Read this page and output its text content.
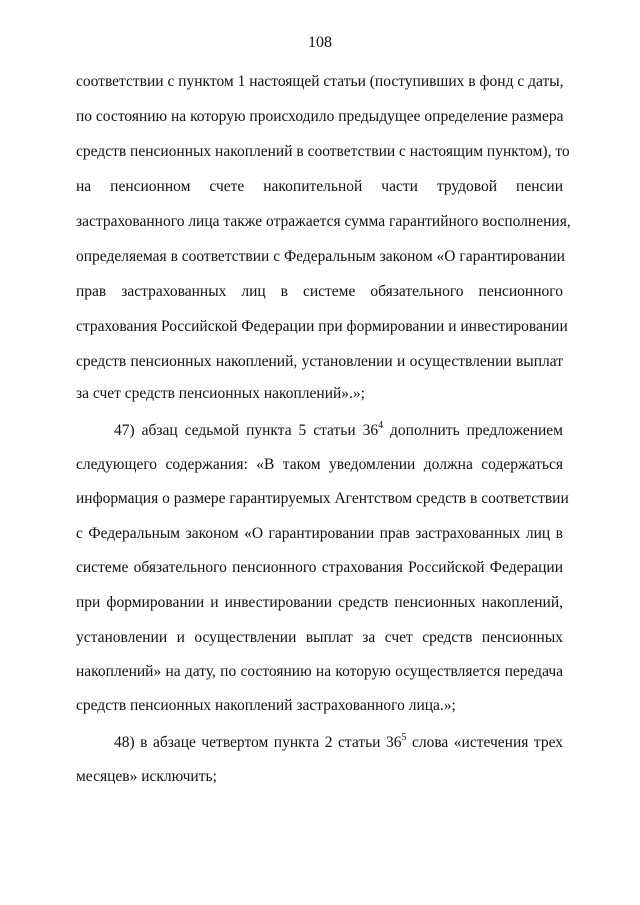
108
соответствии с пунктом 1 настоящей статьи (поступивших в фонд с даты,
по состоянию на которую происходило предыдущее определение размера
средств пенсионных накоплений в соответствии с настоящим пунктом), то
на пенсионном счете накопительной части трудовой пенсии
застрахованного лица также отражается сумма гарантийного восполнения,
определяемая в соответствии с Федеральным законом «О гарантировании
прав застрахованных лиц в системе обязательного пенсионного
страхования Российской Федерации при формировании и инвестировании
средств пенсионных накоплений, установлении и осуществлении выплат
за счет средств пенсионных накоплений».»;
47) абзац седьмой пункта 5 статьи $36^4$ дополнить предложением
следующего содержания: «В таком уведомлении должна содержаться
информация о размере гарантируемых Агентством средств в соответствии
с Федеральным законом «О гарантировании прав застрахованных лиц в
системе обязательного пенсионного страхования Российской Федерации
при формировании и инвестировании средств пенсионных накоплений,
установлении и осуществлении выплат за счет средств пенсионных
накоплений» на дату, по состоянию на которую осуществляется передача
средств пенсионных накоплений застрахованного лица.»;
48) в абзаце четвертом пункта 2 статьи $36^5$ слова «истечения трех
месяцев» исключить;
